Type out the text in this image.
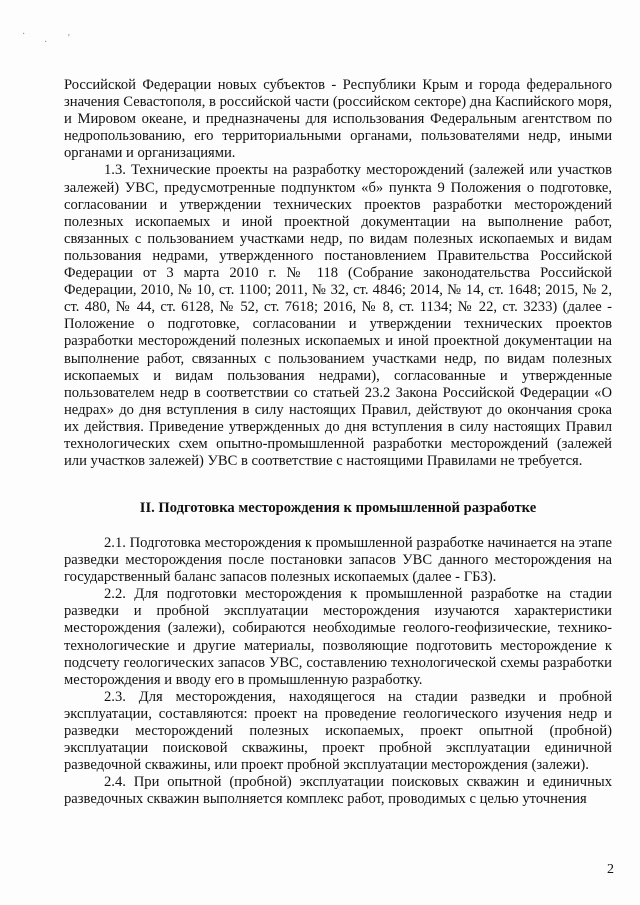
·
· '

Российской Федерации новых субъектов - Республики Крым и города федерального значения Севастополя, в российской части (российском секторе) дна Каспийского моря, и Мировом океане, и предназначены для использования Федеральным агентством по недропользованию, его территориальными органами, пользователями недр, иными органами и организациями.

1.3. Технические проекты на разработку месторождений (залежей или участков залежей) УВС, предусмотренные подпунктом «б» пункта 9 Положения о подготовке, согласовании и утверждении технических проектов разработки месторождений полезных ископаемых и иной проектной документации на выполнение работ, связанных с пользованием участками недр, по видам полезных ископаемых и видам пользования недрами, утвержденного постановлением Правительства Российской Федерации от 3 марта 2010 г. № 118 (Собрание законодательства Российской Федерации, 2010, № 10, ст. 1100; 2011, № 32, ст. 4846; 2014, № 14, ст. 1648; 2015, № 2, ст. 480, № 44, ст. 6128, № 52, ст. 7618; 2016, № 8, ст. 1134; № 22, ст. 3233) (далее - Положение о подготовке, согласовании и утверждении технических проектов разработки месторождений полезных ископаемых и иной проектной документации на выполнение работ, связанных с пользованием участками недр, по видам полезных ископаемых и видам пользования недрами), согласованные и утвержденные пользователем недр в соответствии со статьей 23.2 Закона Российской Федерации «О недрах» до дня вступления в силу настоящих Правил, действуют до окончания срока их действия. Приведение утвержденных до дня вступления в силу настоящих Правил технологических схем опытно-промышленной разработки месторождений (залежей или участков залежей) УВС в соответствие с настоящими Правилами не требуется.

II. Подготовка месторождения к промышленной разработке

2.1. Подготовка месторождения к промышленной разработке начинается на этапе разведки месторождения после постановки запасов УВС данного месторождения на государственный баланс запасов полезных ископаемых (далее - ГБЗ).

2.2. Для подготовки месторождения к промышленной разработке на стадии разведки и пробной эксплуатации месторождения изучаются характеристики месторождения (залежи), собираются необходимые геолого-геофизические, технико-технологические и другие материалы, позволяющие подготовить месторождение к подсчету геологических запасов УВС, составлению технологической схемы разработки месторождения и вводу его в промышленную разработку.

2.3. Для месторождения, находящегося на стадии разведки и пробной эксплуатации, составляются: проект на проведение геологического изучения недр и разведки месторождений полезных ископаемых, проект опытной (пробной) эксплуатации поисковой скважины, проект пробной эксплуатации единичной разведочной скважины, или проект пробной эксплуатации месторождения (залежи).

2.4. При опытной (пробной) эксплуатации поисковых скважин и единичных разведочных скважин выполняется комплекс работ, проводимых с целью уточнения

2
